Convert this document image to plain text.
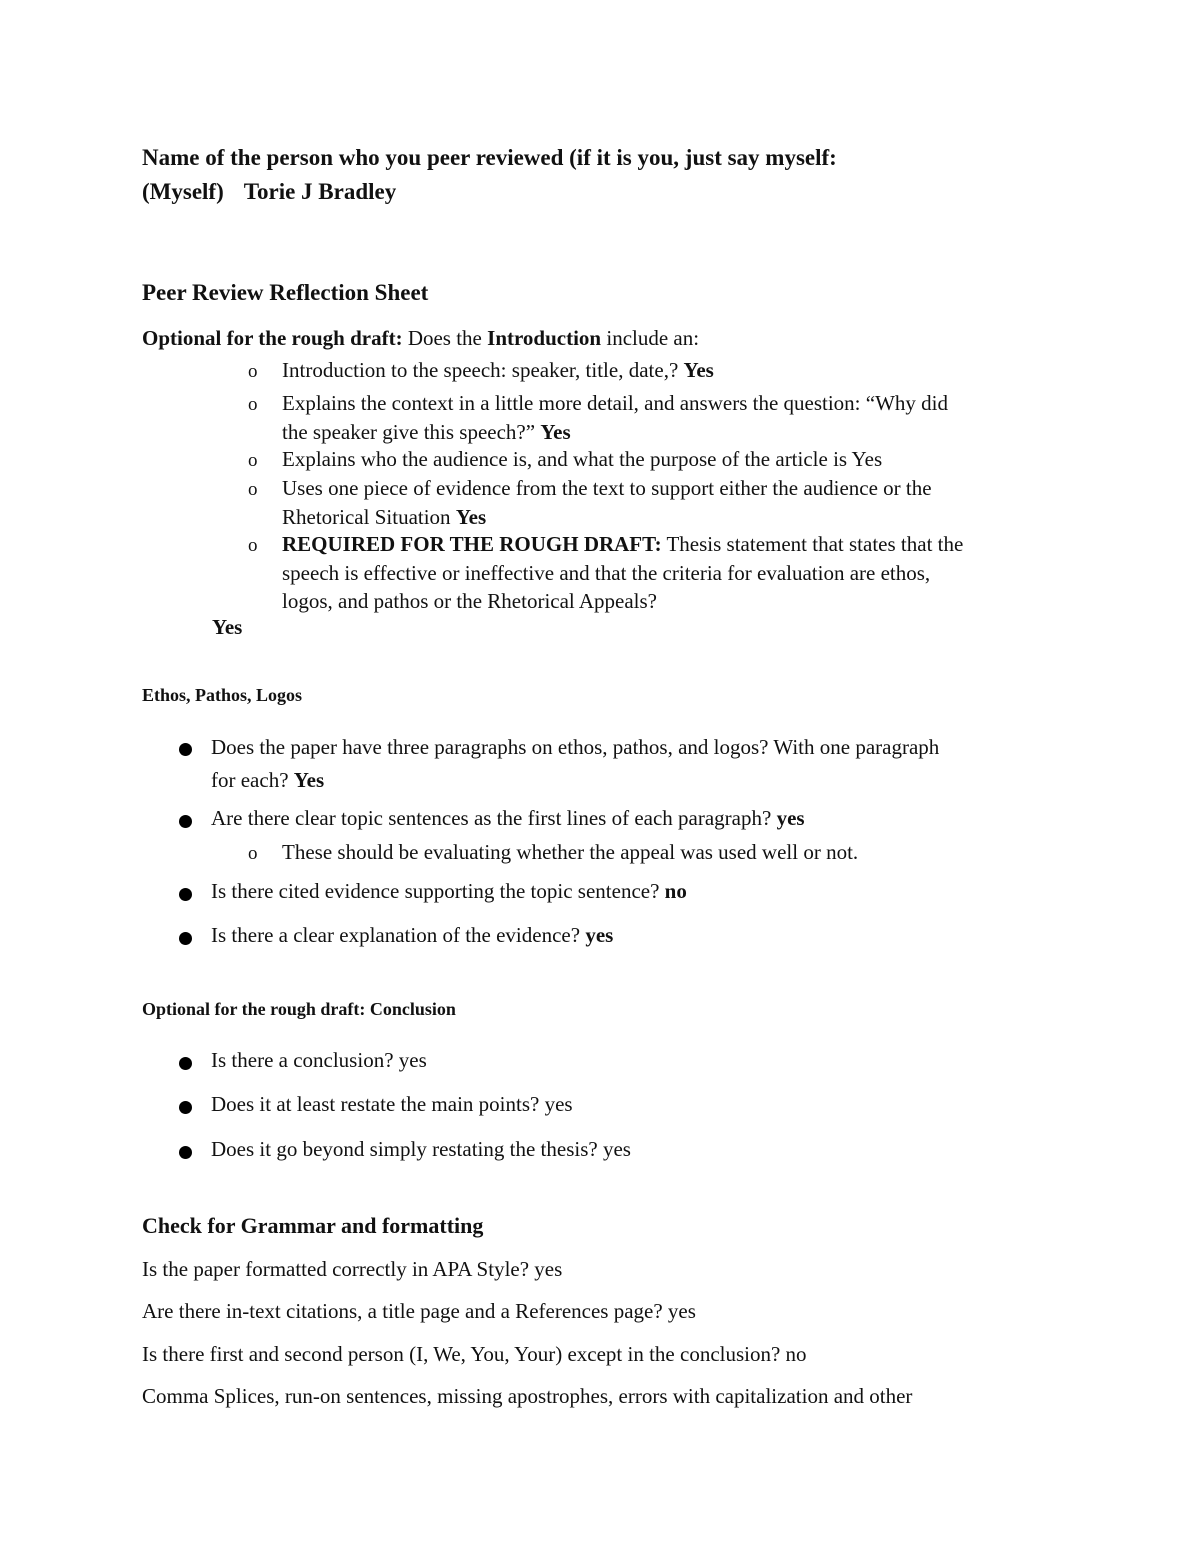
Name of the person who you peer reviewed (if it is you, just say myself:
(Myself) Torie J Bradley
Peer Review Reflection Sheet
Optional for the rough draft: Does the Introduction include an:
o Introduction to the speech: speaker, title, date,? Yes
o Explains the context in a little more detail, and answers the question: “Why did
the speaker give this speech?” Yes
o Explains who the audience is, and what the purpose of the article is Yes
o Uses one piece of evidence from the text to support either the audience or the
Rhetorical Situation Yes
o REQUIRED FOR THE ROUGH DRAFT: Thesis statement that states that the
speech is effective or ineffective and that the criteria for evaluation are ethos,
logos, and pathos or the Rhetorical Appeals?
Yes
Ethos, Pathos, Logos
Does the paper have three paragraphs on ethos, pathos, and logos? With one paragraph
for each? Yes
Are there clear topic sentences as the first lines of each paragraph? yes
o These should be evaluating whether the appeal was used well or not.
Is there cited evidence supporting the topic sentence? no
Is there a clear explanation of the evidence? yes
Optional for the rough draft: Conclusion
Is there a conclusion? yes
Does it at least restate the main points? yes
Does it go beyond simply restating the thesis? yes
Check for Grammar and formatting
Is the paper formatted correctly in APA Style? yes
Are there in-text citations, a title page and a References page? yes
Is there first and second person (I, We, You, Your) except in the conclusion? no
Comma Splices, run-on sentences, missing apostrophes, errors with capitalization and other
